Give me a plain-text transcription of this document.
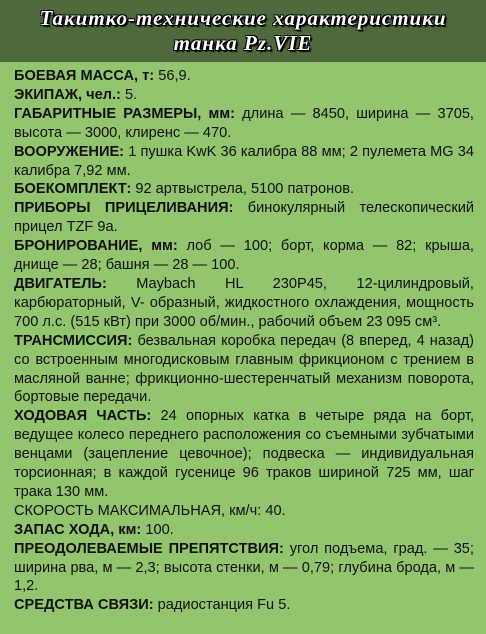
Такитко-технические характеристики
танка Pz.VIE

БОЕВАЯ МАССА, т: 56,9.

ЭКИПАЖ, чел.: 5.

ГАБАРИТНЫЕ РАЗМЕРЫ, мм: длина — 8450, ширина — 3705, высота — 3000, клиренс — 470.

ВООРУЖЕНИЕ: 1 пушка KwK 36 калибра 88 мм; 2 пулемета MG 34 калибра 7,92 мм.

БОЕКОМПЛЕКТ: 92 артвыстрела, 5100 патронов.

ПРИБОРЫ ПРИЦЕЛИВАНИЯ: бинокулярный телескопический прицел TZF 9a.

БРОНИРОВАНИЕ, мм: лоб — 100; борт, корма — 82; крыша, днище — 28; башня — 28 — 100.

ДВИГАТЕЛЬ: Maybach HL 230P45, 12-цилиндровый, карбюраторный, V- образный, жидкостного охлаждения, мощность 700 л.с. (515 кВт) при 3000 об/мин., рабочий объем 23 095 см³.

ТРАНСМИССИЯ: безвальная коробка передач (8 вперед, 4 назад) со встроенным многодисковым главным фрикционом с трением в масляной ванне; фрикционно-шестеренчатый механизм поворота, бортовые передачи.

ХОДОВАЯ ЧАСТЬ: 24 опорных катка в четыре ряда на борт, ведущее колесо переднего расположения со съемными зубчатыми венцами (зацепление цевочное); подвеска — индивидуальная торсионная; в каждой гусенице 96 траков шириной 725 мм, шаг трака 130 мм.

СКОРОСТЬ МАКСИМАЛЬНАЯ, км/ч: 40.

ЗАПАС ХОДА, км: 100.

ПРЕОДОЛЕВАЕМЫЕ ПРЕПЯТСТВИЯ: угол подъема, град. — 35; ширина рва, м — 2,3; высота стенки, м — 0,79; глубина брода, м — 1,2.

СРЕДСТВА СВЯЗИ: радиостанция Fu 5.
